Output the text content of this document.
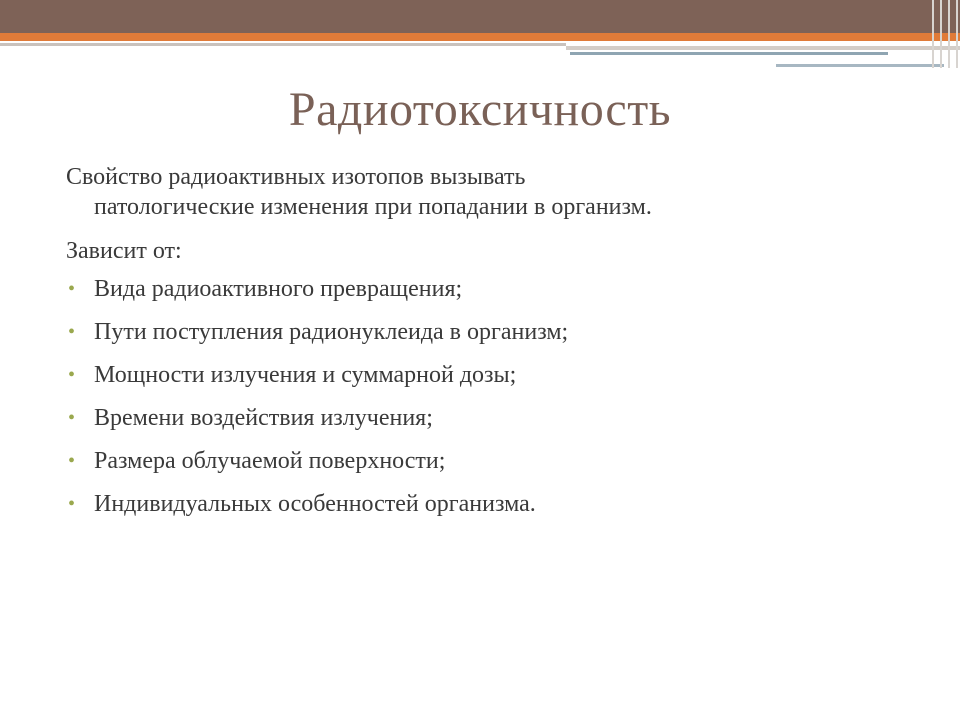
Радиотоксичность

Свойство радиоактивных изотопов вызывать
патологические изменения при попадании в организм.

Зависит от:

• Вида радиоактивного превращения;
• Пути поступления радионуклеида в организм;
• Мощности излучения и суммарной дозы;
• Времени воздействия излучения;
• Размера облучаемой поверхности;
• Индивидуальных особенностей организма.
